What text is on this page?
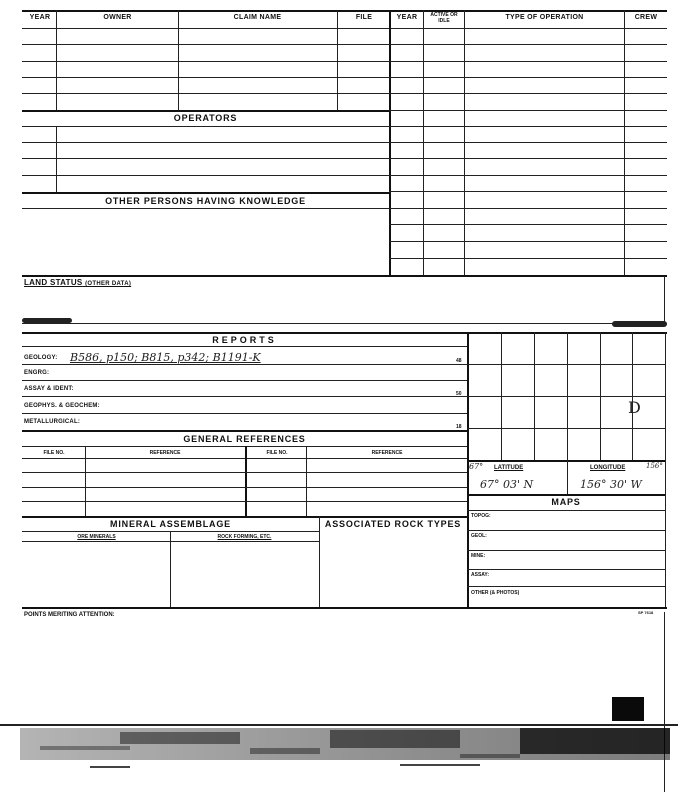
YEAR	OWNER	CLAIM NAME	FILE	YEAR	ACTIVE OR IDLE	TYPE OF OPERATION	CREW
OPERATORS
OTHER PERSONS HAVING KNOWLEDGE
LAND STATUS (OTHER DATA)
REPORTS
GEOLOGY: B586, p150; B815, p342; B1191-K	48
ENGRG:
ASSAY & IDENT:
50
GEOPHYS. & GEOCHEM:
METALLURGICAL:
18
GENERAL REFERENCES
FILE NO.	REFERENCE	FILE NO.	REFERENCE
MINERAL ASSEMBLAGE	ASSOCIATED ROCK TYPES
ORE MINERALS	ROCK FORMING, ETC.
D
67° LATITUDE	LONGITUDE	156°
67° 03' N	156° 30' W
MAPS
TOPOG:
GEOL:
MINE:
ASSAY:
OTHER (& PHOTOS)
POINTS MERITING ATTENTION:	SP 7618
